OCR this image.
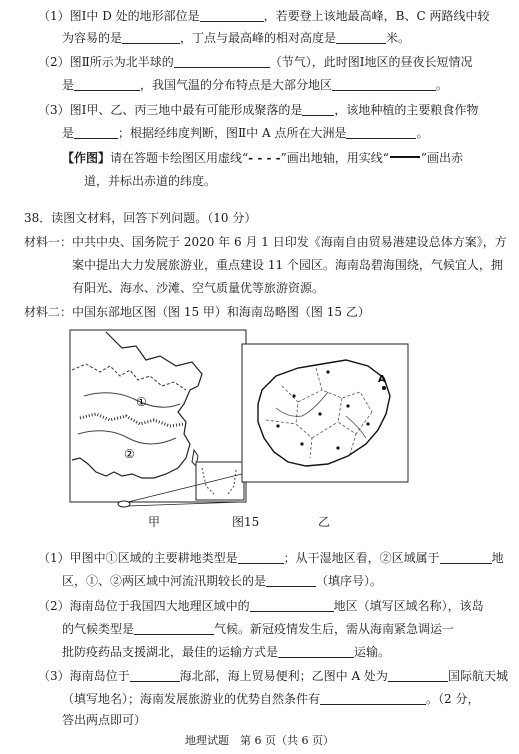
（1）图Ⅰ中 D 处的地形部位是	，若要登上该地最高峰，B、C 两路线中较
为容易的是	，丁点与最高峰的相对高度是	米。
（2）图Ⅱ所示为北半球的	（节气），此时图Ⅰ地区的昼夜长短情况
是	，我国气温的分布特点是大部分地区	。
（3）图Ⅰ甲、乙、丙三地中最有可能形成聚落的是	，该地种植的主要粮食作物
是	；根据经纬度判断，图Ⅱ中 A 点所在大洲是	。
【作图】请在答题卡绘图区用虚线“- - - -”画出地轴，用实线“	”画出赤
道，并标出赤道的纬度。
38．读图文材料，回答下列问题。（10 分）
材料一：中共中央、国务院于 2020 年 6 月 1 日印发《海南自由贸易港建设总体方案》，方
案中提出大力发展旅游业，重点建设 11 个园区。海南岛碧海围绕，气候宜人，拥
有阳光、海水、沙滩、空气质量优等旅游资源。
材料二：中国东部地区图（图 15 甲）和海南岛略图（图 15 乙）
①
②
A
甲	图15	乙
（1）甲图中①区域的主要耕地类型是	；从干湿地区看，②区域属于	地
区，①、②两区域中河流汛期较长的是	（填序号）。
（2）海南岛位于我国四大地理区域中的	地区（填写区域名称），该岛
的气候类型是	气候。新冠疫情发生后，需从海南紧急调运一
批防疫药品支援湖北，最佳的运输方式是	运输。
（3）海南岛位于	海北部，海上贸易便利；乙图中 A 处为	国际航天城
（填写地名）；海南发展旅游业的优势自然条件有	。（2 分，
答出两点即可）
地理试题　第 6 页（共 6 页）
